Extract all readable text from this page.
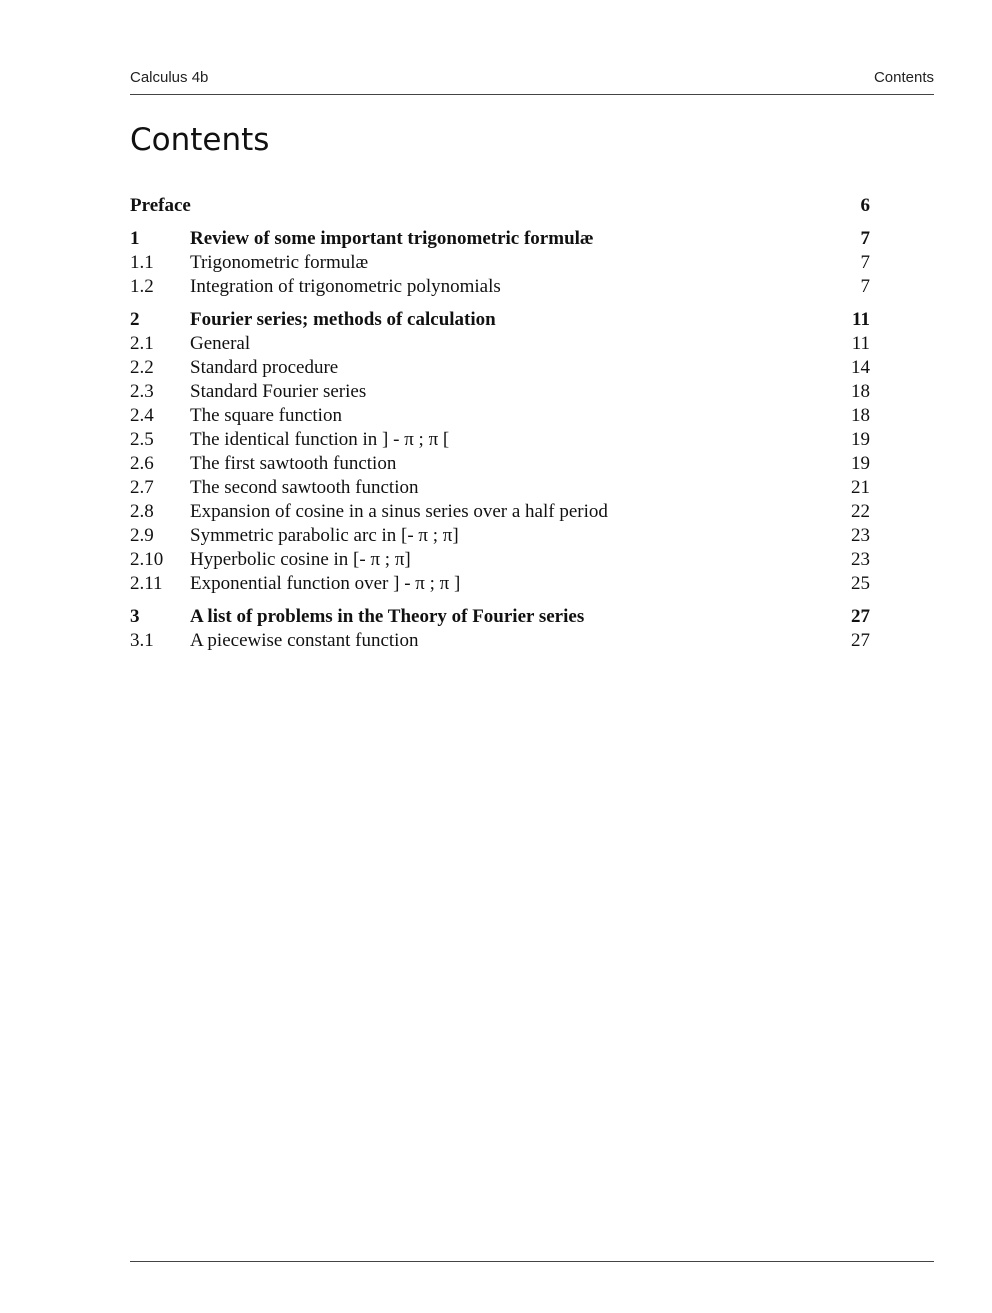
Calculus 4b	Contents
Contents
Preface	6
1	Review of some important trigonometric formulæ	7
1.1 Trigonometric formulæ	7
1.2 Integration of trigonometric polynomials	7
2	Fourier series; methods of calculation	11
2.1 General	11
2.2 Standard procedure	14
2.3 Standard Fourier series	18
2.4 The square function	18
2.5 The identical function in ] - π ; π [	19
2.6 The first sawtooth function	19
2.7 The second sawtooth function	21
2.8 Expansion of cosine in a sinus series over a half period	22
2.9 Symmetric parabolic arc in [- π ; π]	23
2.10 Hyperbolic cosine in [- π ; π]	23
2.11 Exponential function over ] - π ; π ]	25
3	A list of problems in the Theory of Fourier series	27
3.1 A piecewise constant function	27
